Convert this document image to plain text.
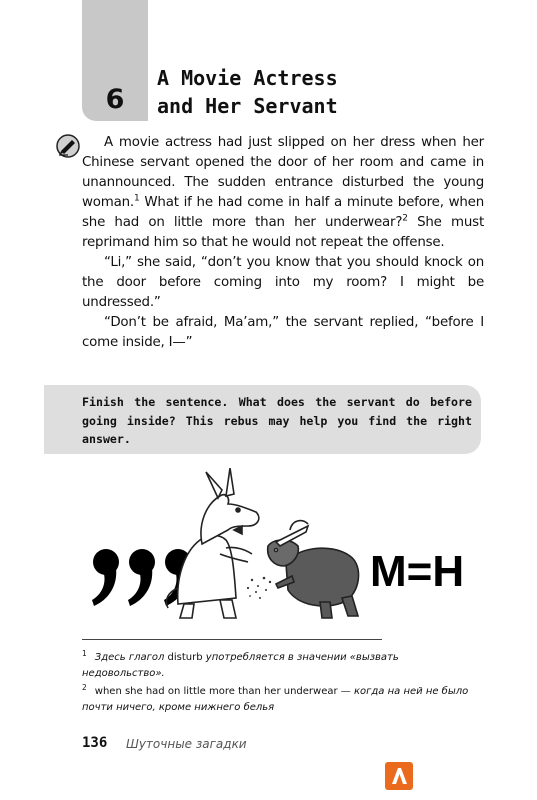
6
A Movie Actress
and Her Servant

A movie actress had just slipped on her dress when her Chinese servant opened the door of her room and came in unannounced. The sudden entrance disturbed the young woman.$^1$ What if he had come in half a minute before, when she had on little more than her underwear?$^2$ She must reprimand him so that he would not repeat the offense.

“Li,” she said, “don’t you know that you should knock on the door before coming into my room? I might be undressed.”

“Don’t be afraid, Ma’am,” the servant replied, “before I come inside, I—”

Finish the sentence. What does the servant do before going inside? This rebus may help you find the right answer.

M=H

$^1$ Здесь глагол disturb употребляется в значении «вызвать недовольство».

$^2$ when she had on little more than her underwear — когда на ней не было почти ничего, кроме нижнего белья

136 Шуточные загадки
